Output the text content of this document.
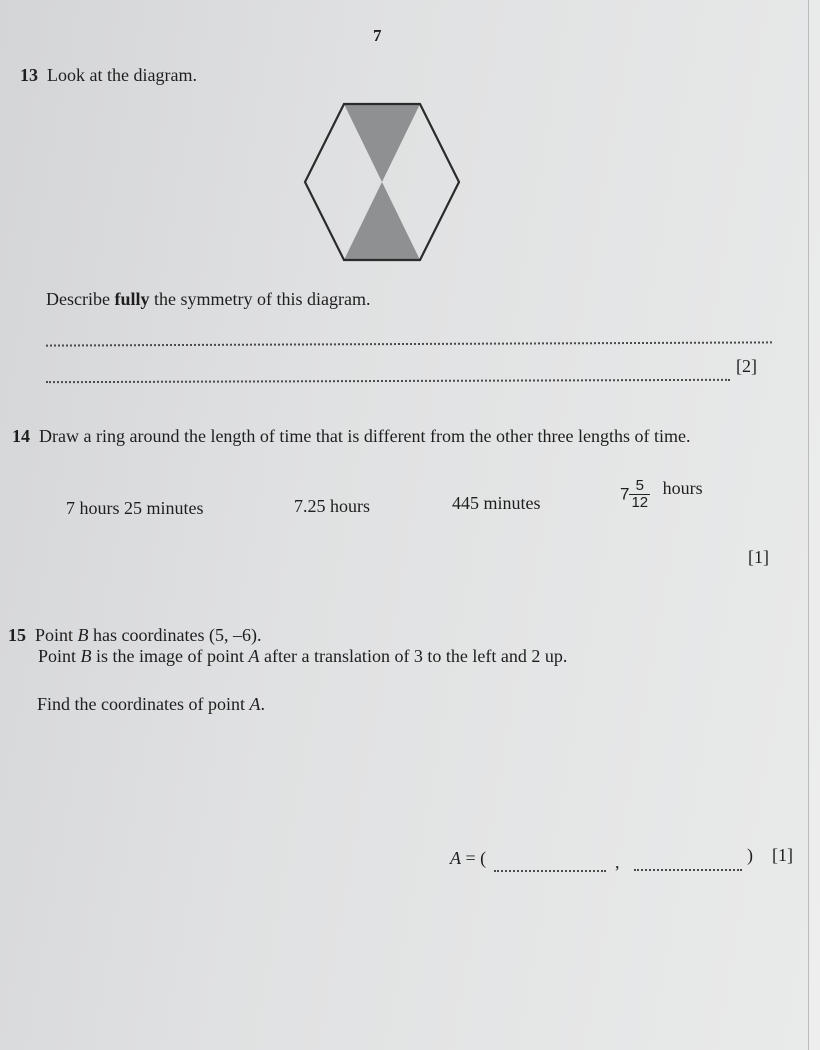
7
13 Look at the diagram.
Describe fully the symmetry of this diagram.
[2]
14 Draw a ring around the length of time that is different from the other three lengths of time.
7 hours 25 minutes	7.25 hours	445 minutes	$7 \frac{5}{12}$ hours
[1]
15 Point B has coordinates (5, –6).
Point B is the image of point A after a translation of 3 to the left and 2 up.
Find the coordinates of point A.
A = (	,	) [1]
